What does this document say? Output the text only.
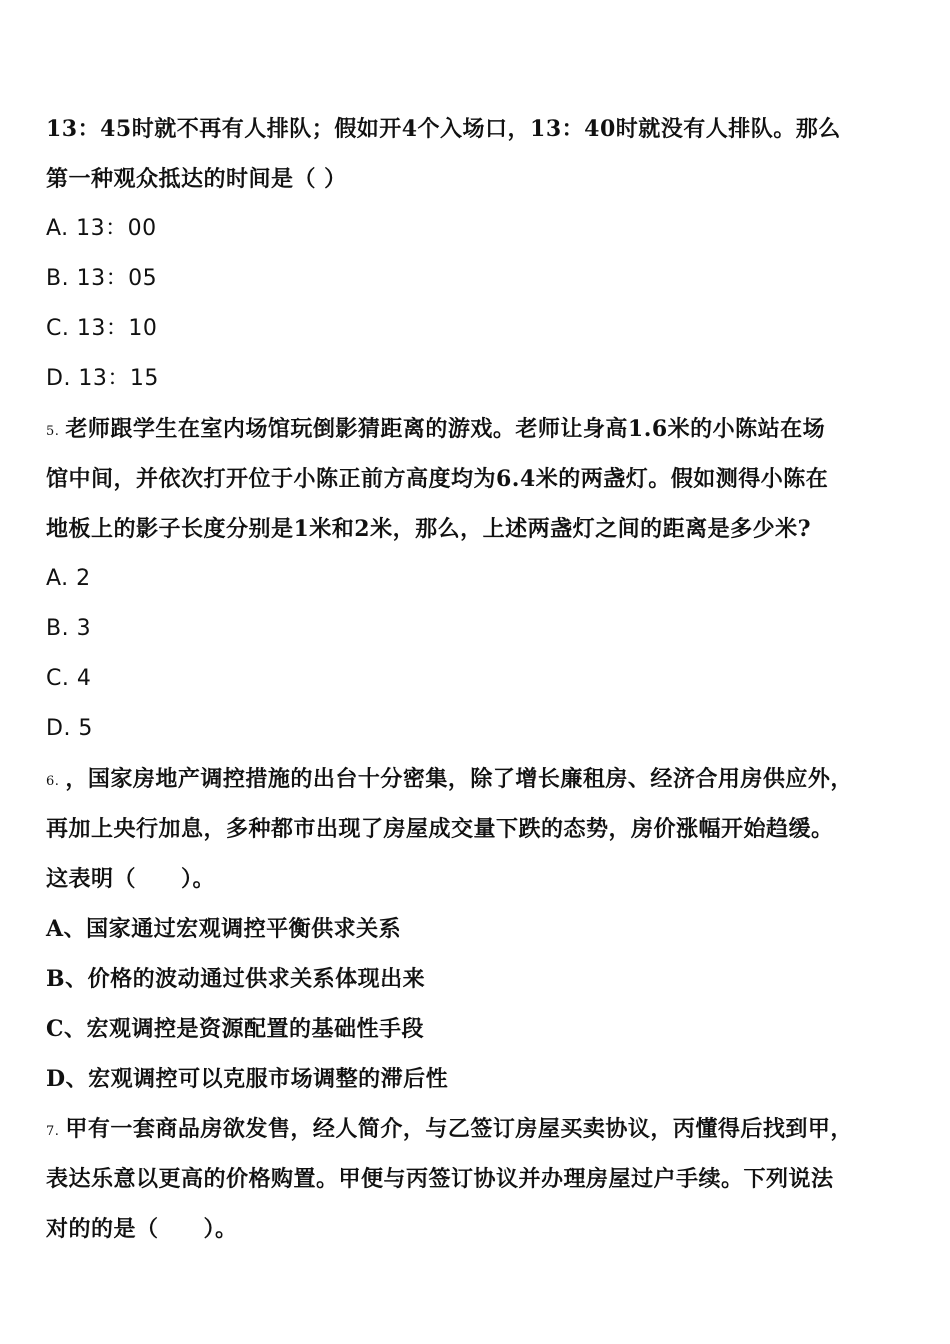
13：45时就不再有人排队；假如开4个入场口，13：40时就没有人排队。那么
第一种观众抵达的时间是（ ）
A. 13：00
B. 13：05
C. 13：10
D. 13：15
5. 老师跟学生在室内场馆玩倒影猜距离的游戏。老师让身高1.6米的小陈站在场
馆中间，并依次打开位于小陈正前方高度均为6.4米的两盏灯。假如测得小陈在
地板上的影子长度分别是1米和2米，那么，上述两盏灯之间的距离是多少米?
A. 2
B. 3
C. 4
D. 5
6. ，国家房地产调控措施的出台十分密集，除了增长廉租房、经济合用房供应外，
再加上央行加息，多种都市出现了房屋成交量下跌的态势，房价涨幅开始趋缓。
这表明（　　）。
A、国家通过宏观调控平衡供求关系
B、价格的波动通过供求关系体现出来
C、宏观调控是资源配置的基础性手段
D、宏观调控可以克服市场调整的滞后性
7. 甲有一套商品房欲发售，经人简介，与乙签订房屋买卖协议，丙懂得后找到甲，
表达乐意以更高的价格购置。甲便与丙签订协议并办理房屋过户手续。下列说法
对的的是（　　）。
